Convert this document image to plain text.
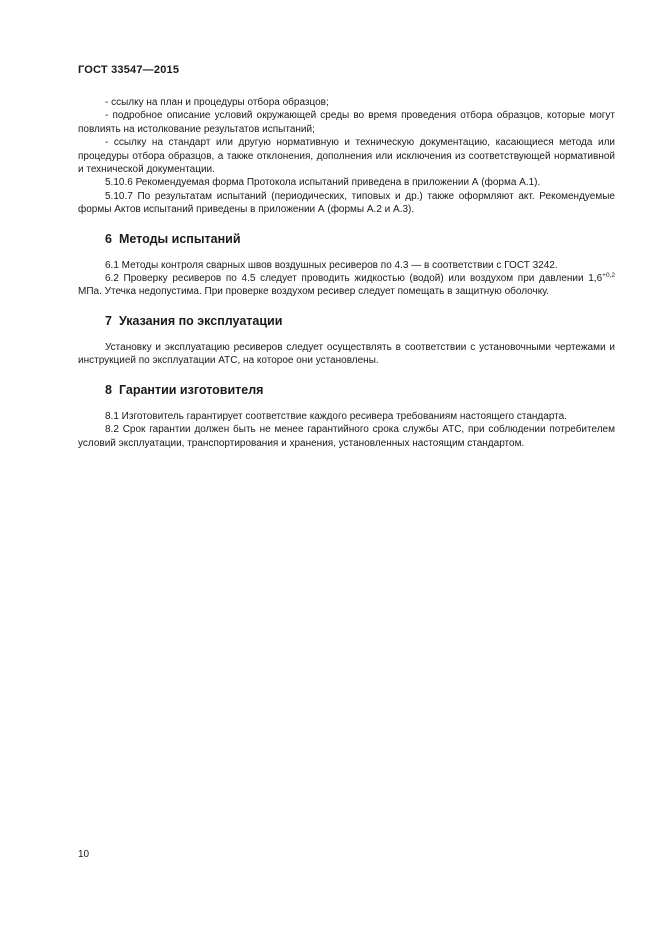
ГОСТ 33547—2015

- ссылку на план и процедуры отбора образцов;

- подробное описание условий окружающей среды во время проведения отбора образцов, которые могут повлиять на истолкование результатов испытаний;

- ссылку на стандарт или другую нормативную и техническую документацию, касающиеся метода или процедуры отбора образцов, а также отклонения, дополнения или исключения из соответствующей нормативной и технической документации.

5.10.6 Рекомендуемая форма Протокола испытаний приведена в приложении А (форма А.1).

5.10.7 По результатам испытаний (периодических, типовых и др.) также оформляют акт. Рекомендуемые формы Актов испытаний приведены в приложении А (формы А.2 и А.3).

6 Методы испытаний

6.1 Методы контроля сварных швов воздушных ресиверов по 4.3 — в соответствии с ГОСТ 3242.

6.2 Проверку ресиверов по 4.5 следует проводить жидкостью (водой) или воздухом при давлении $1,6^{+0,2}$ МПа. Утечка недопустима. При проверке воздухом ресивер следует помещать в защитную оболочку.

7 Указания по эксплуатации

Установку и эксплуатацию ресиверов следует осуществлять в соответствии с установочными чертежами и инструкцией по эксплуатации АТС, на которое они установлены.

8 Гарантии изготовителя

8.1 Изготовитель гарантирует соответствие каждого ресивера требованиям настоящего стандарта.

8.2 Срок гарантии должен быть не менее гарантийного срока службы АТС, при соблюдении потребителем условий эксплуатации, транспортирования и хранения, установленных настоящим стандартом.

10
